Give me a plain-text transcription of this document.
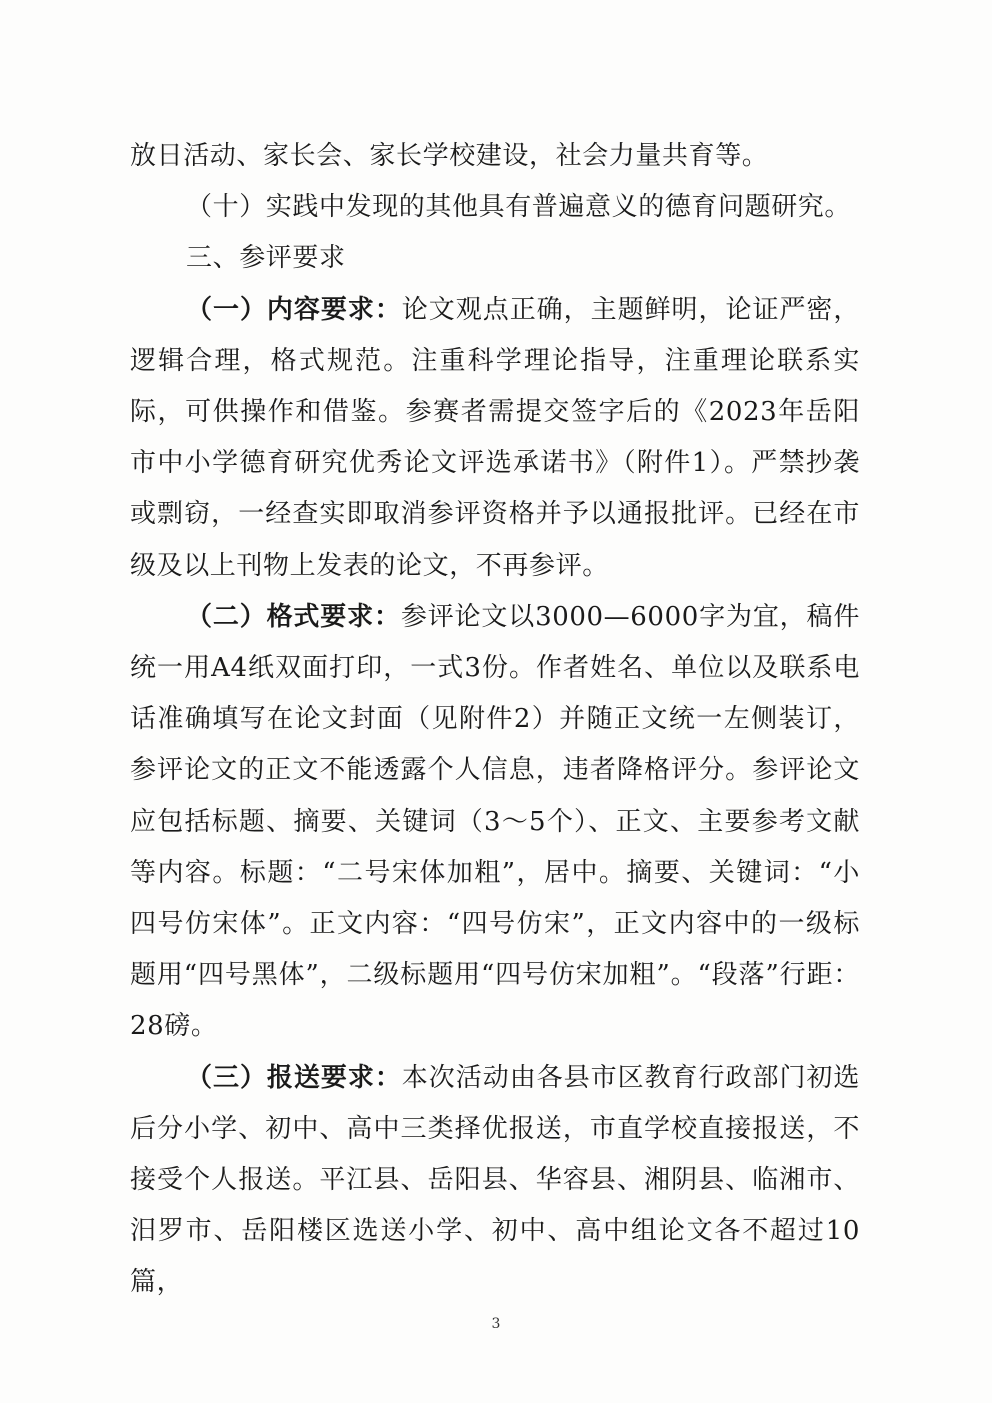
放日活动、家长会、家长学校建设，社会力量共育等。

（十）实践中发现的其他具有普遍意义的德育问题研究。

三、参评要求

（一）内容要求：论文观点正确，主题鲜明，论证严密，逻辑合理，格式规范。注重科学理论指导，注重理论联系实际，可供操作和借鉴。参赛者需提交签字后的《2023年岳阳市中小学德育研究优秀论文评选承诺书》（附件1）。严禁抄袭或剽窃，一经查实即取消参评资格并予以通报批评。已经在市级及以上刊物上发表的论文，不再参评。

（二）格式要求：参评论文以3000—6000字为宜，稿件统一用A4纸双面打印，一式3份。作者姓名、单位以及联系电话准确填写在论文封面（见附件2）并随正文统一左侧装订，参评论文的正文不能透露个人信息，违者降格评分。参评论文应包括标题、摘要、关键词（3～5个）、正文、主要参考文献等内容。标题：“二号宋体加粗”，居中。摘要、关键词：“小四号仿宋体”。正文内容：“四号仿宋”，正文内容中的一级标题用“四号黑体”，二级标题用“四号仿宋加粗”。“段落”行距：28磅。

（三）报送要求：本次活动由各县市区教育行政部门初选后分小学、初中、高中三类择优报送，市直学校直接报送，不接受个人报送。平江县、岳阳县、华容县、湘阴县、临湘市、汨罗市、岳阳楼区选送小学、初中、高中组论文各不超过10篇，

3
